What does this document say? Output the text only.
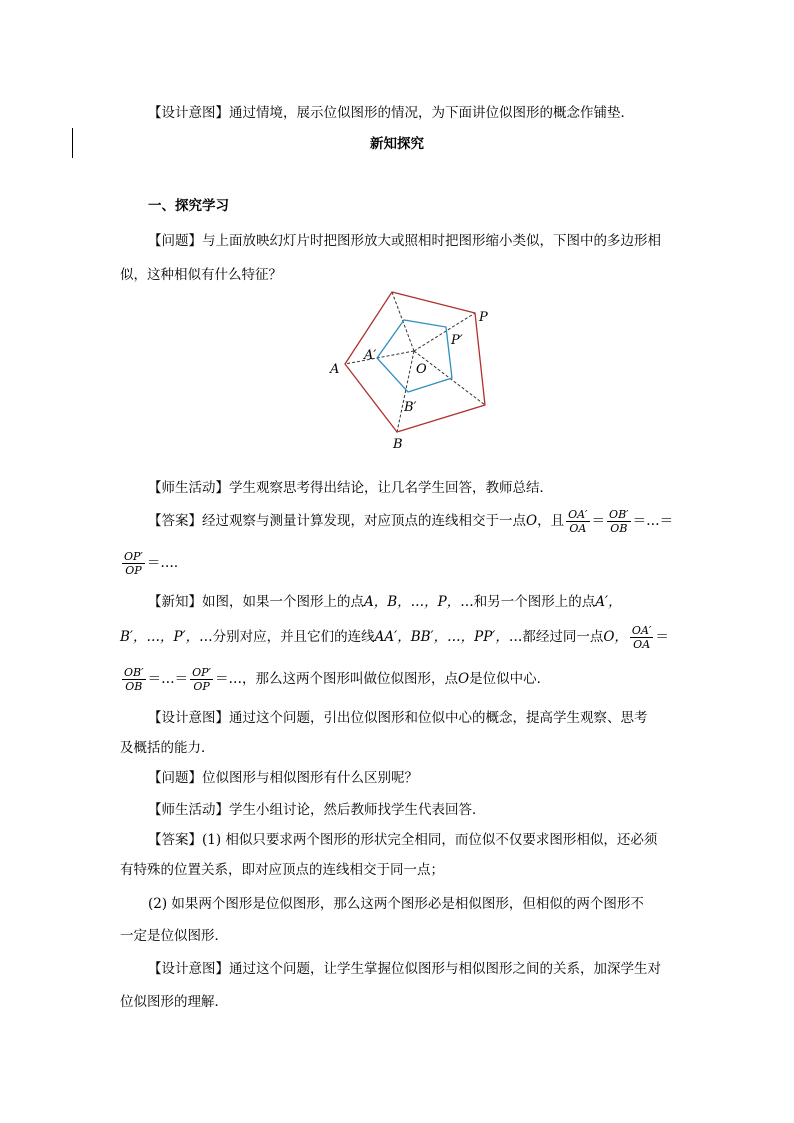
【设计意图】通过情境，展示位似图形的情况，为下面讲位似图形的概念作铺垫．
新知探究
一、探究学习
【问题】与上面放映幻灯片时把图形放大或照相时把图形缩小类似，下图中的多边形相
似，这种相似有什么特征？
A
A′
B
B′
P
P′
O
【师生活动】学生观察思考得出结论，让几名学生回答，教师总结．
【答案】经过观察与测量计算发现，对应顶点的连线相交于一点O，且 $\frac{OA'}{OA} = \frac{OB'}{OB}$ ＝…＝
$\frac{OP'}{OP}$ ＝…．
【新知】如图，如果一个图形上的点A，B，…，P，…和另一个图形上的点A′，
B′，…，P′，…分别对应，并且它们的连线AA′，BB′，…，PP′，…都经过同一点O， $\frac{OA'}{OA}$ ＝
$\frac{OB'}{OB}$ ＝…＝ $\frac{OP'}{OP}$ ＝…，那么这两个图形叫做位似图形，点O是位似中心．
【设计意图】通过这个问题，引出位似图形和位似中心的概念，提高学生观察、思考
及概括的能力．
【问题】位似图形与相似图形有什么区别呢？
【师生活动】学生小组讨论，然后教师找学生代表回答．
【答案】(1) 相似只要求两个图形的形状完全相同，而位似不仅要求图形相似，还必须
有特殊的位置关系，即对应顶点的连线相交于同一点；
(2) 如果两个图形是位似图形，那么这两个图形必是相似图形，但相似的两个图形不
一定是位似图形．
【设计意图】通过这个问题，让学生掌握位似图形与相似图形之间的关系，加深学生对
位似图形的理解．
